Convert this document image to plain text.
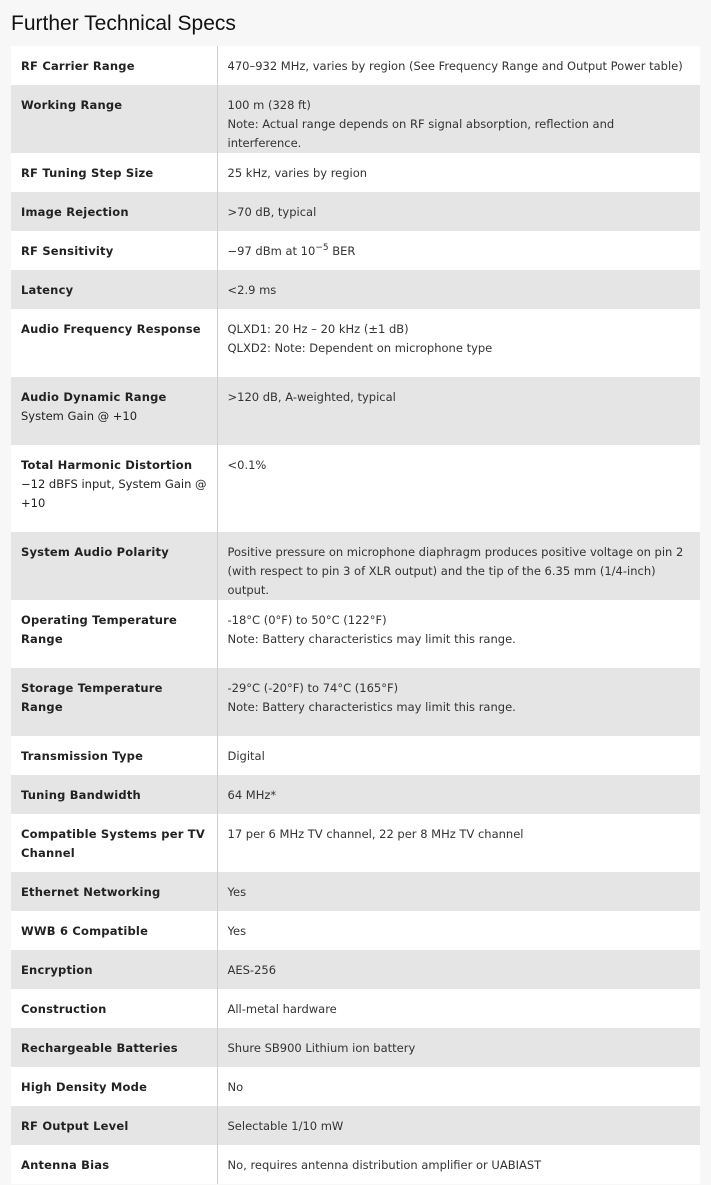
Further Technical Specs
RF Carrier Range	470–932 MHz, varies by region (See Frequency Range and Output Power table)

Working Range	100 m (328 ft)
Note: Actual range depends on RF signal absorption, reflection and interference.

RF Tuning Step Size	25 kHz, varies by region

Image Rejection	>70 dB, typical

RF Sensitivity	−97 dBm at $10^{-5}$ BER

Latency	<2.9 ms

Audio Frequency Response	QLXD1: 20 Hz – 20 kHz (±1 dB)
QLXD2: Note: Dependent on microphone type

Audio Dynamic Range
System Gain @ +10	>120 dB, A-weighted, typical

Total Harmonic Distortion
−12 dBFS input, System Gain @ +10	<0.1%

System Audio Polarity	Positive pressure on microphone diaphragm produces positive voltage on pin 2
(with respect to pin 3 of XLR output) and the tip of the 6.35 mm (1/4-inch) output.

Operating Temperature Range	-18°C (0°F) to 50°C (122°F)
Note: Battery characteristics may limit this range.

Storage Temperature Range	-29°C (-20°F) to 74°C (165°F)
Note: Battery characteristics may limit this range.

Transmission Type	Digital

Tuning Bandwidth	64 MHz*

Compatible Systems per TV Channel	17 per 6 MHz TV channel, 22 per 8 MHz TV channel

Ethernet Networking	Yes

WWB 6 Compatible	Yes

Encryption	AES-256

Construction	All-metal hardware

Rechargeable Batteries	Shure SB900 Lithium ion battery

High Density Mode	No

RF Output Level	Selectable 1/10 mW

Antenna Bias	No, requires antenna distribution amplifier or UABIAST
